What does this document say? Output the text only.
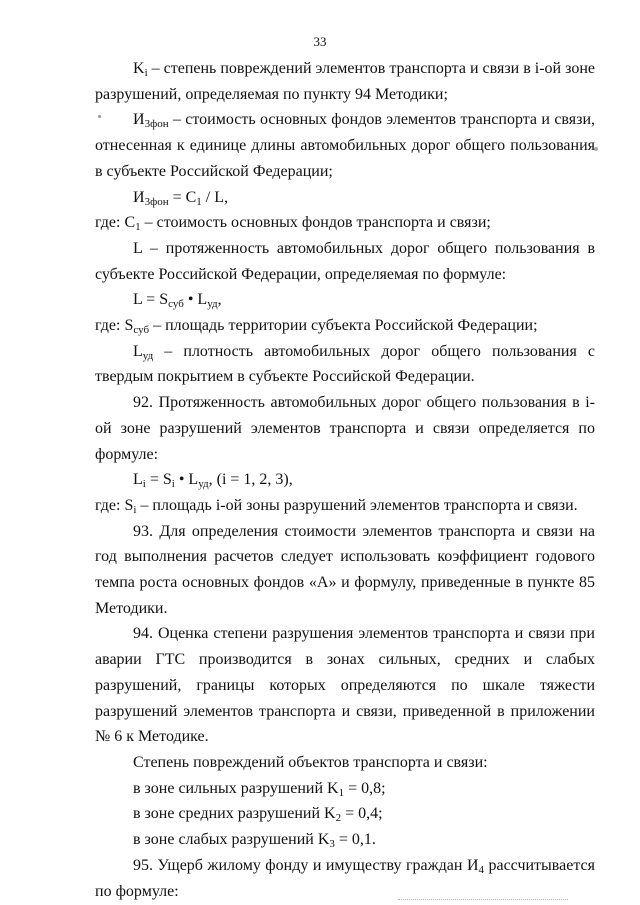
33

$K_i$ – степень повреждений элементов транспорта и связи в i-ой зоне разрушений, определяемая по пункту 94 Методики;

$И_{3фон}$ – стоимость основных фондов элементов транспорта и связи, отнесенная к единице длины автомобильных дорог общего пользования в субъекте Российской Федерации;

$И_{3фон} = C_1 / L$,

где: $C_1$ – стоимость основных фондов транспорта и связи;

L – протяженность автомобильных дорог общего пользования в субъекте Российской Федерации, определяемая по формуле:

$L = S_{суб}$ • $L_{уд}$,

где: $S_{суб}$ – площадь территории субъекта Российской Федерации;

$L_{уд}$ – плотность автомобильных дорог общего пользования с твердым покрытием в субъекте Российской Федерации.

92. Протяженность автомобильных дорог общего пользования в i-ой зоне разрушений элементов транспорта и связи определяется по формуле:

$L_i = S_i$ • $L_{уд}$, (i = 1, 2, 3),

где: $S_i$ – площадь i-ой зоны разрушений элементов транспорта и связи.

93. Для определения стоимости элементов транспорта и связи на год выполнения расчетов следует использовать коэффициент годового темпа роста основных фондов «А» и формулу, приведенные в пункте 85 Методики.

94. Оценка степени разрушения элементов транспорта и связи при аварии ГТС производится в зонах сильных, средних и слабых разрушений, границы которых определяются по шкале тяжести разрушений элементов транспорта и связи, приведенной в приложении № 6 к Методике.

Степень повреждений объектов транспорта и связи:

в зоне сильных разрушений $K_1 = 0,8$;

в зоне средних разрушений $K_2 = 0,4$;

в зоне слабых разрушений $K_3 = 0,1$.

95. Ущерб жилому фонду и имуществу граждан $И_4$ рассчитывается по формуле:
